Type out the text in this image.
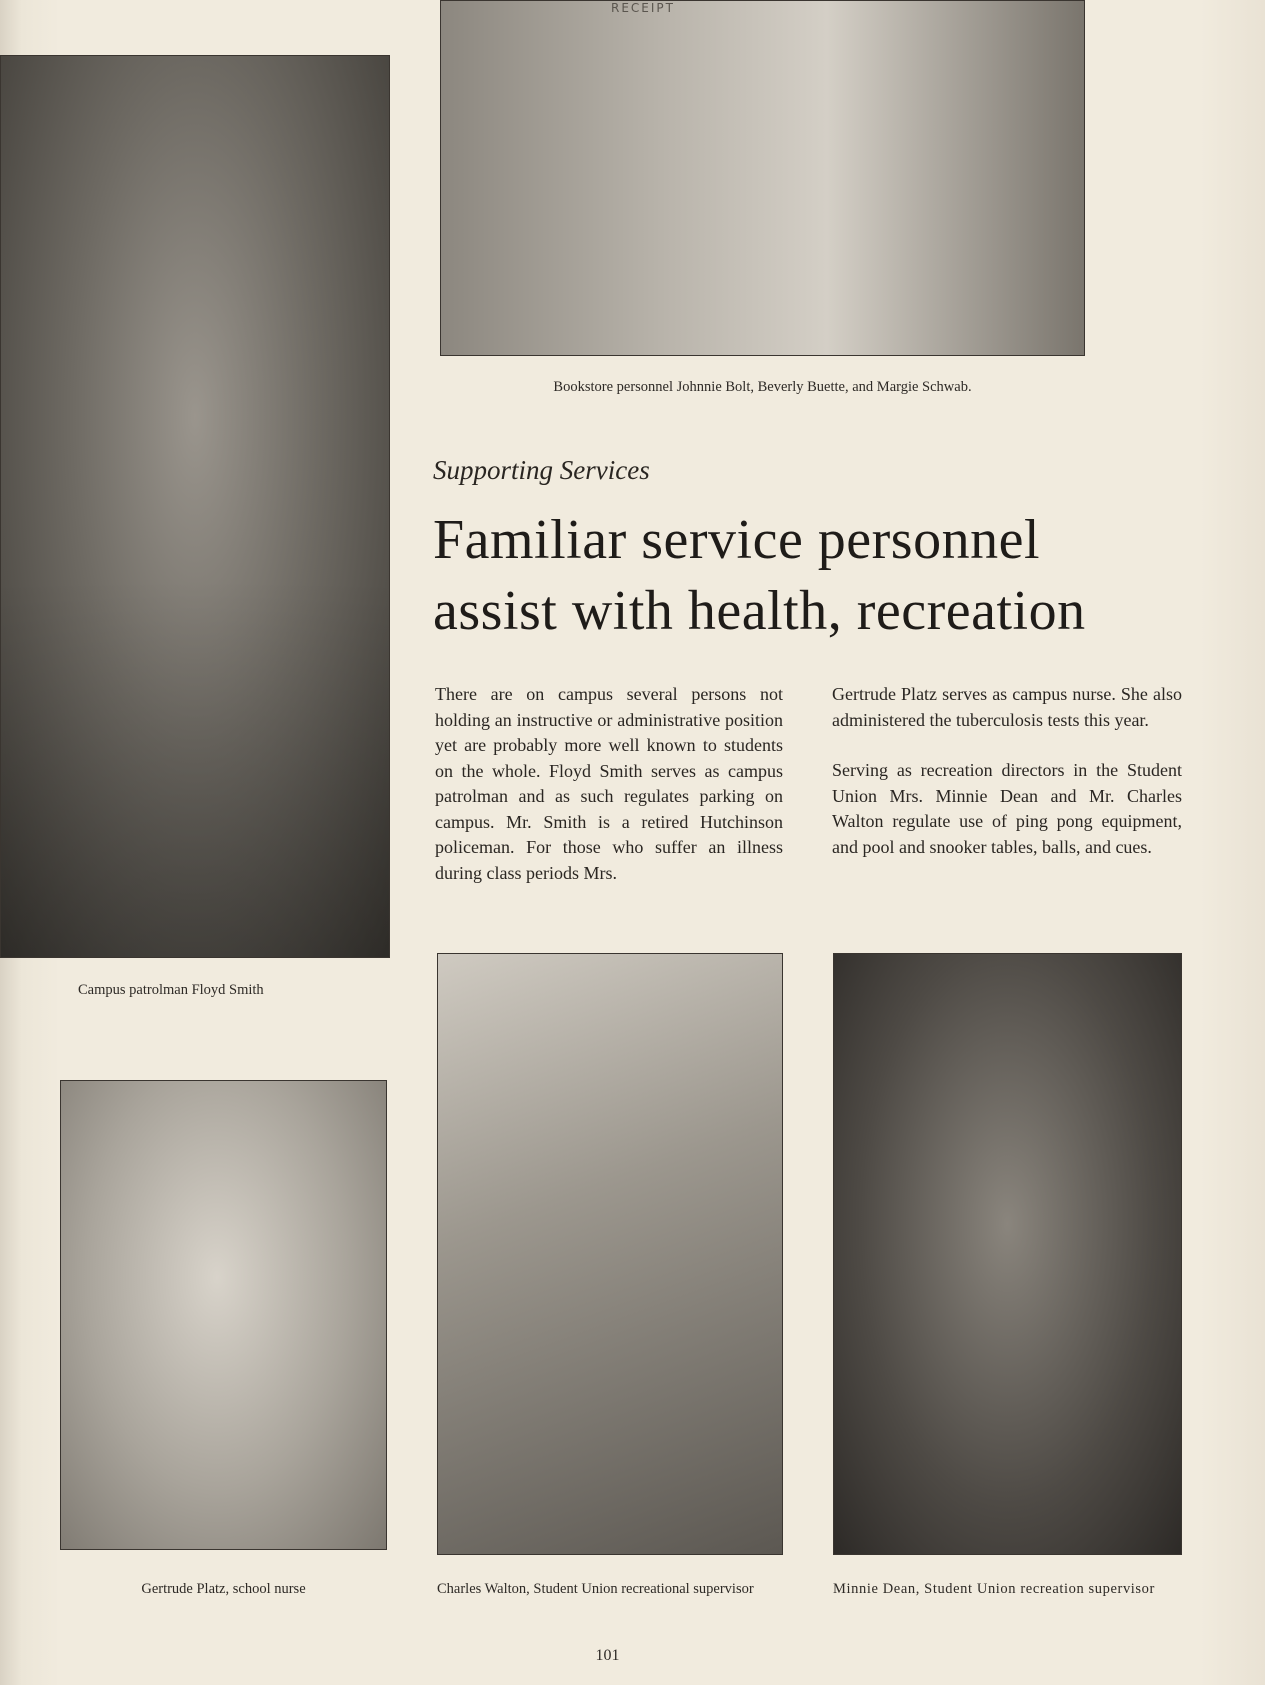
RECEIPT
Bookstore personnel Johnnie Bolt, Beverly Buette, and Margie Schwab.
Campus patrolman Floyd Smith
Gertrude Platz, school nurse	Charles Walton, Student Union recreational supervisor	Minnie Dean, Student Union recreation supervisor
Supporting Services
Familiar service personnel
assist with health, recreation

There are on campus several persons not holding an instructive or administrative position yet are probably more well known to students on the whole. Floyd Smith serves as campus patrolman and as such regulates parking on campus. Mr. Smith is a retired Hutchinson policeman. For those who suffer an illness during class periods Mrs.

Gertrude Platz serves as campus nurse. She also administered the tuberculosis tests this year.

Serving as recreation directors in the Student Union Mrs. Minnie Dean and Mr. Charles Walton regulate use of ping pong equipment, and pool and snooker tables, balls, and cues.

101
